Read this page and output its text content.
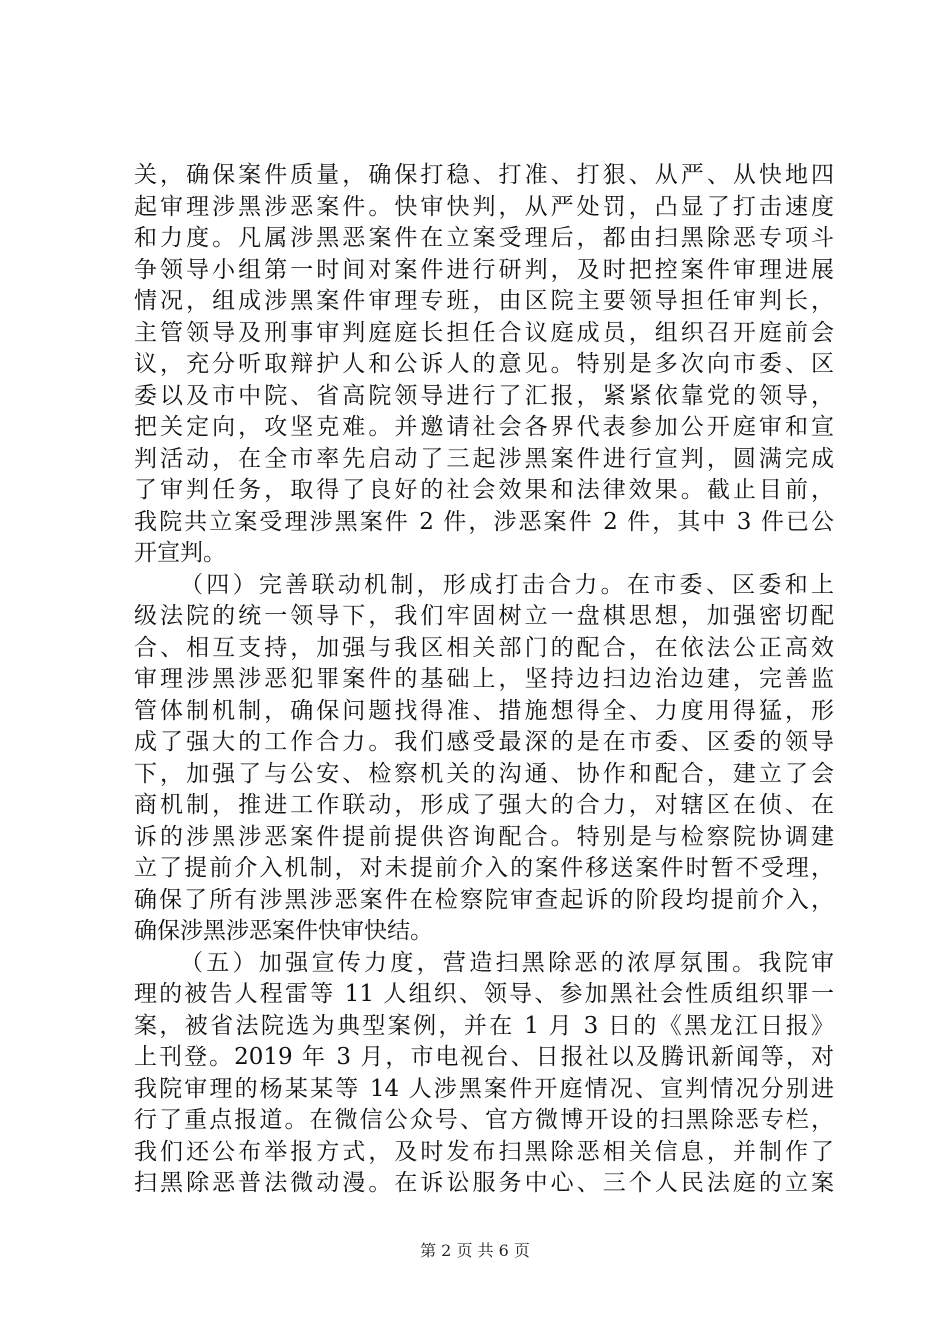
关，确保案件质量，确保打稳、打准、打狠、从严、从快地四
起审理涉黑涉恶案件。快审快判，从严处罚，凸显了打击速度
和力度。凡属涉黑恶案件在立案受理后，都由扫黑除恶专项斗
争领导小组第一时间对案件进行研判，及时把控案件审理进展
情况，组成涉黑案件审理专班，由区院主要领导担任审判长，
主管领导及刑事审判庭庭长担任合议庭成员，组织召开庭前会
议，充分听取辩护人和公诉人的意见。特别是多次向市委、区
委以及市中院、省高院领导进行了汇报，紧紧依靠党的领导，
把关定向，攻坚克难。并邀请社会各界代表参加公开庭审和宣
判活动，在全市率先启动了三起涉黑案件进行宣判，圆满完成
了审判任务，取得了良好的社会效果和法律效果。截止目前，
我院共立案受理涉黑案件 2 件，涉恶案件 2 件，其中 3 件已公
开宣判。
（四）完善联动机制，形成打击合力。在市委、区委和上
级法院的统一领导下，我们牢固树立一盘棋思想，加强密切配
合、相互支持，加强与我区相关部门的配合，在依法公正高效
审理涉黑涉恶犯罪案件的基础上，坚持边扫边治边建，完善监
管体制机制，确保问题找得准、措施想得全、力度用得猛，形
成了强大的工作合力。我们感受最深的是在市委、区委的领导
下，加强了与公安、检察机关的沟通、协作和配合，建立了会
商机制，推进工作联动，形成了强大的合力，对辖区在侦、在
诉的涉黑涉恶案件提前提供咨询配合。特别是与检察院协调建
立了提前介入机制，对未提前介入的案件移送案件时暂不受理，
确保了所有涉黑涉恶案件在检察院审查起诉的阶段均提前介入，
确保涉黑涉恶案件快审快结。
（五）加强宣传力度，营造扫黑除恶的浓厚氛围。我院审
理的被告人程雷等 11 人组织、领导、参加黑社会性质组织罪一
案，被省法院选为典型案例，并在 1 月 3 日的《黑龙江日报》
上刊登。2019 年 3 月，市电视台、日报社以及腾讯新闻等，对
我院审理的杨某某等 14 人涉黑案件开庭情况、宣判情况分别进
行了重点报道。在微信公众号、官方微博开设的扫黑除恶专栏，
我们还公布举报方式，及时发布扫黑除恶相关信息，并制作了
扫黑除恶普法微动漫。在诉讼服务中心、三个人民法庭的立案
第 2 页 共 6 页
